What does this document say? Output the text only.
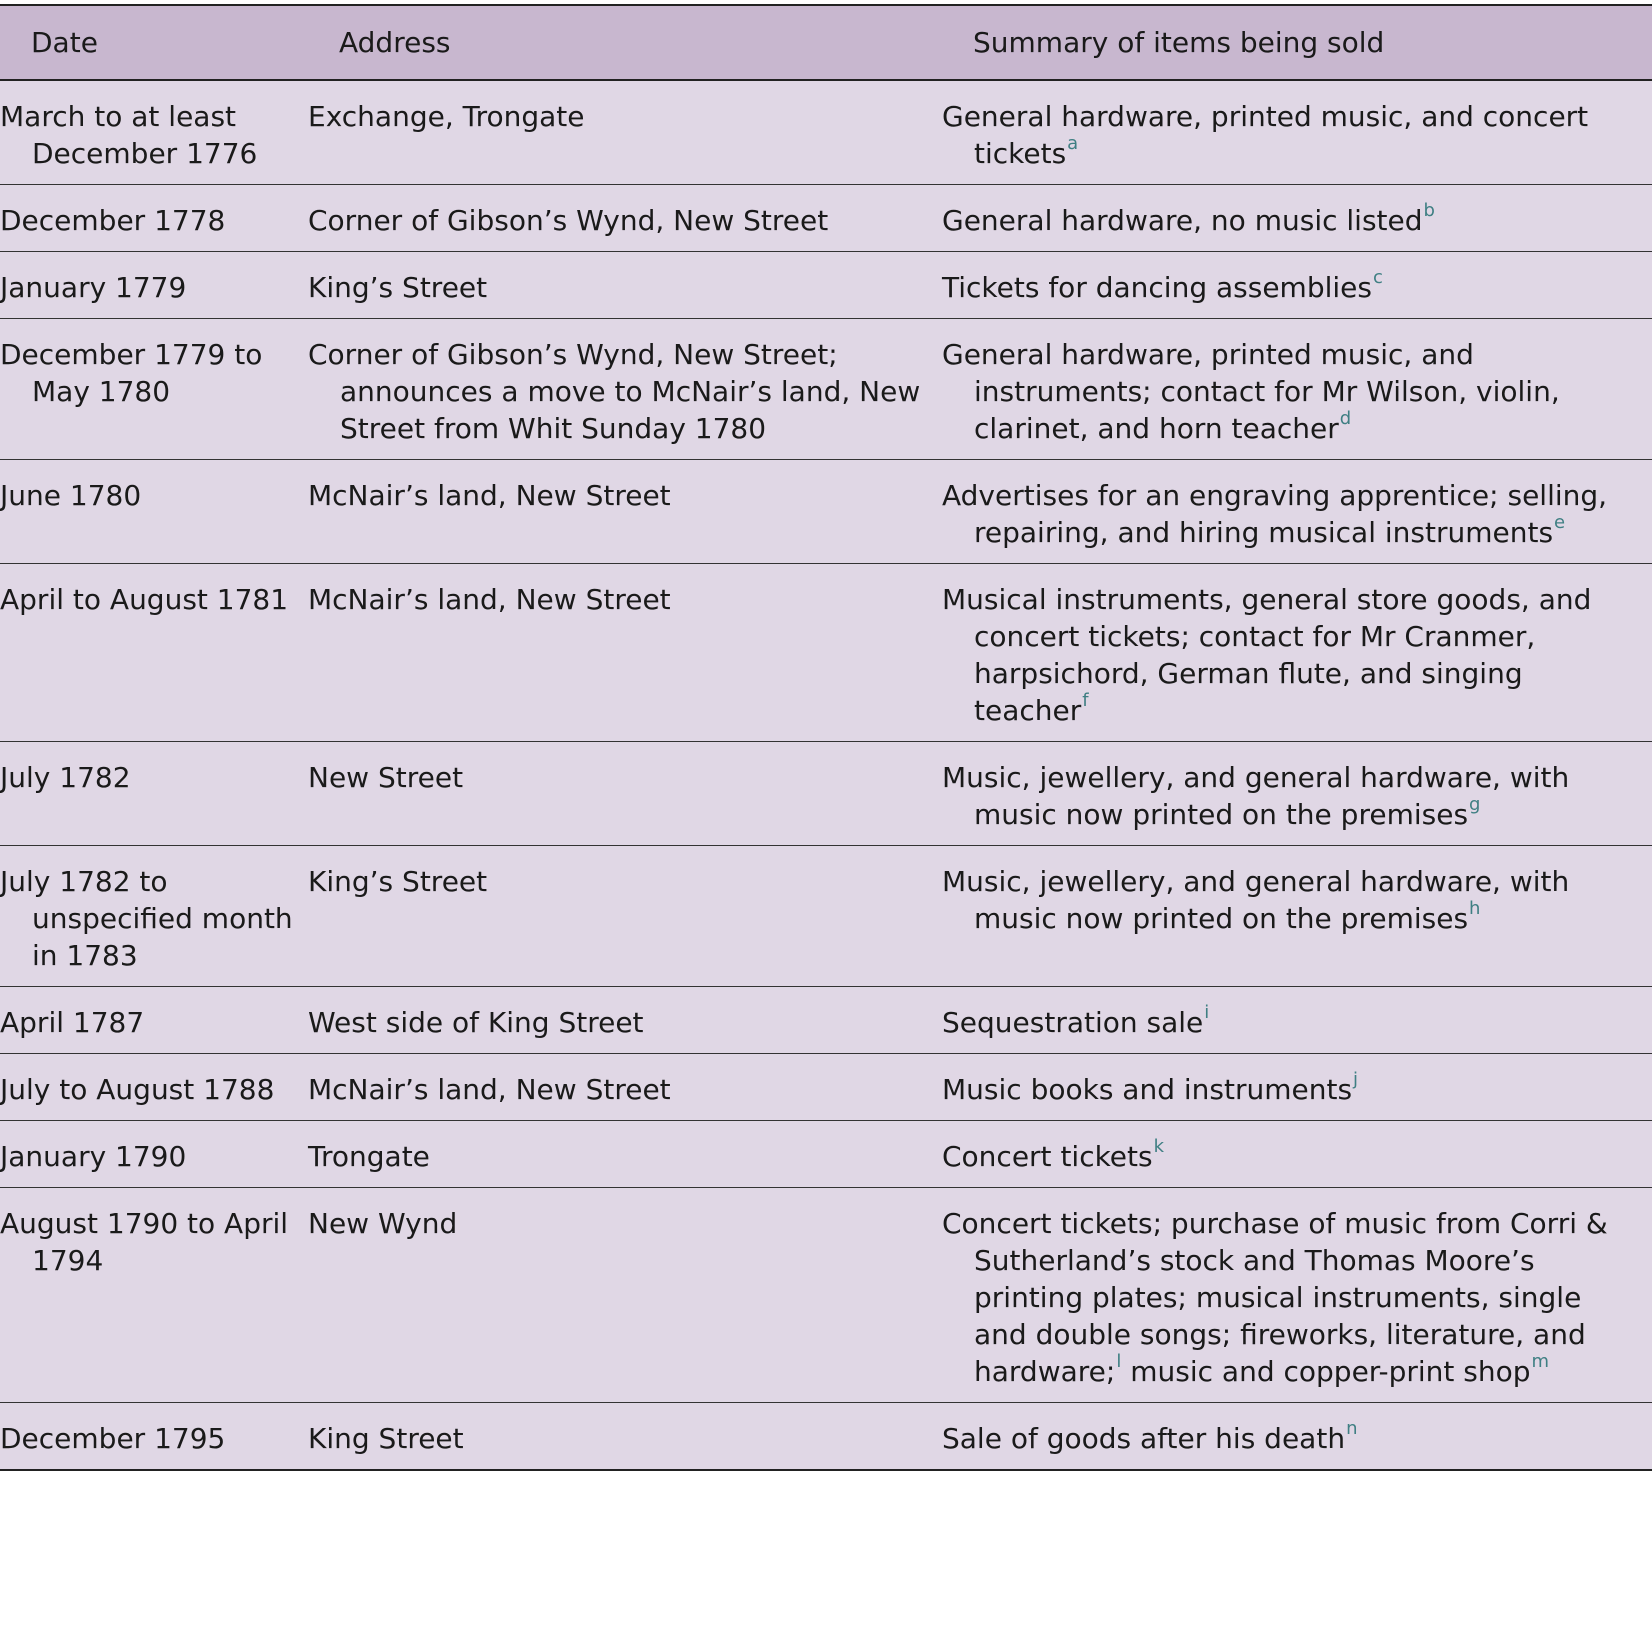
Date	Address	Summary of items being sold
March to at least December 1776	Exchange, Trongate	General hardware, printed music, and concert tickets$^a$
December 1778	Corner of Gibson’s Wynd, New Street	General hardware, no music listed$^b$
January 1779	King’s Street	Tickets for dancing assemblies$^c$
December 1779 to May 1780	Corner of Gibson’s Wynd, New Street; announces a move to McNair’s land, New Street from Whit Sunday 1780	General hardware, printed music, and instruments; contact for Mr Wilson, violin, clarinet, and horn teacher$^d$
June 1780	McNair’s land, New Street	Advertises for an engraving apprentice; selling, repairing, and hiring musical instruments$^e$
April to August 1781	McNair’s land, New Street	Musical instruments, general store goods, and concert tickets; contact for Mr Cranmer, harpsichord, German flute, and singing teacher$^f$
July 1782	New Street	Music, jewellery, and general hardware, with music now printed on the premises$^g$
July 1782 to unspecified month in 1783	King’s Street	Music, jewellery, and general hardware, with music now printed on the premises$^h$
April 1787	West side of King Street	Sequestration sale$^i$
July to August 1788	McNair’s land, New Street	Music books and instruments$^j$
January 1790	Trongate	Concert tickets$^k$
August 1790 to April 1794	New Wynd	Concert tickets; purchase of music from Corri & Sutherland’s stock and Thomas Moore’s printing plates; musical instruments, single and double songs; fireworks, literature, and hardware;$^l$ music and copper-print shop$^m$
December 1795	King Street	Sale of goods after his death$^n$
